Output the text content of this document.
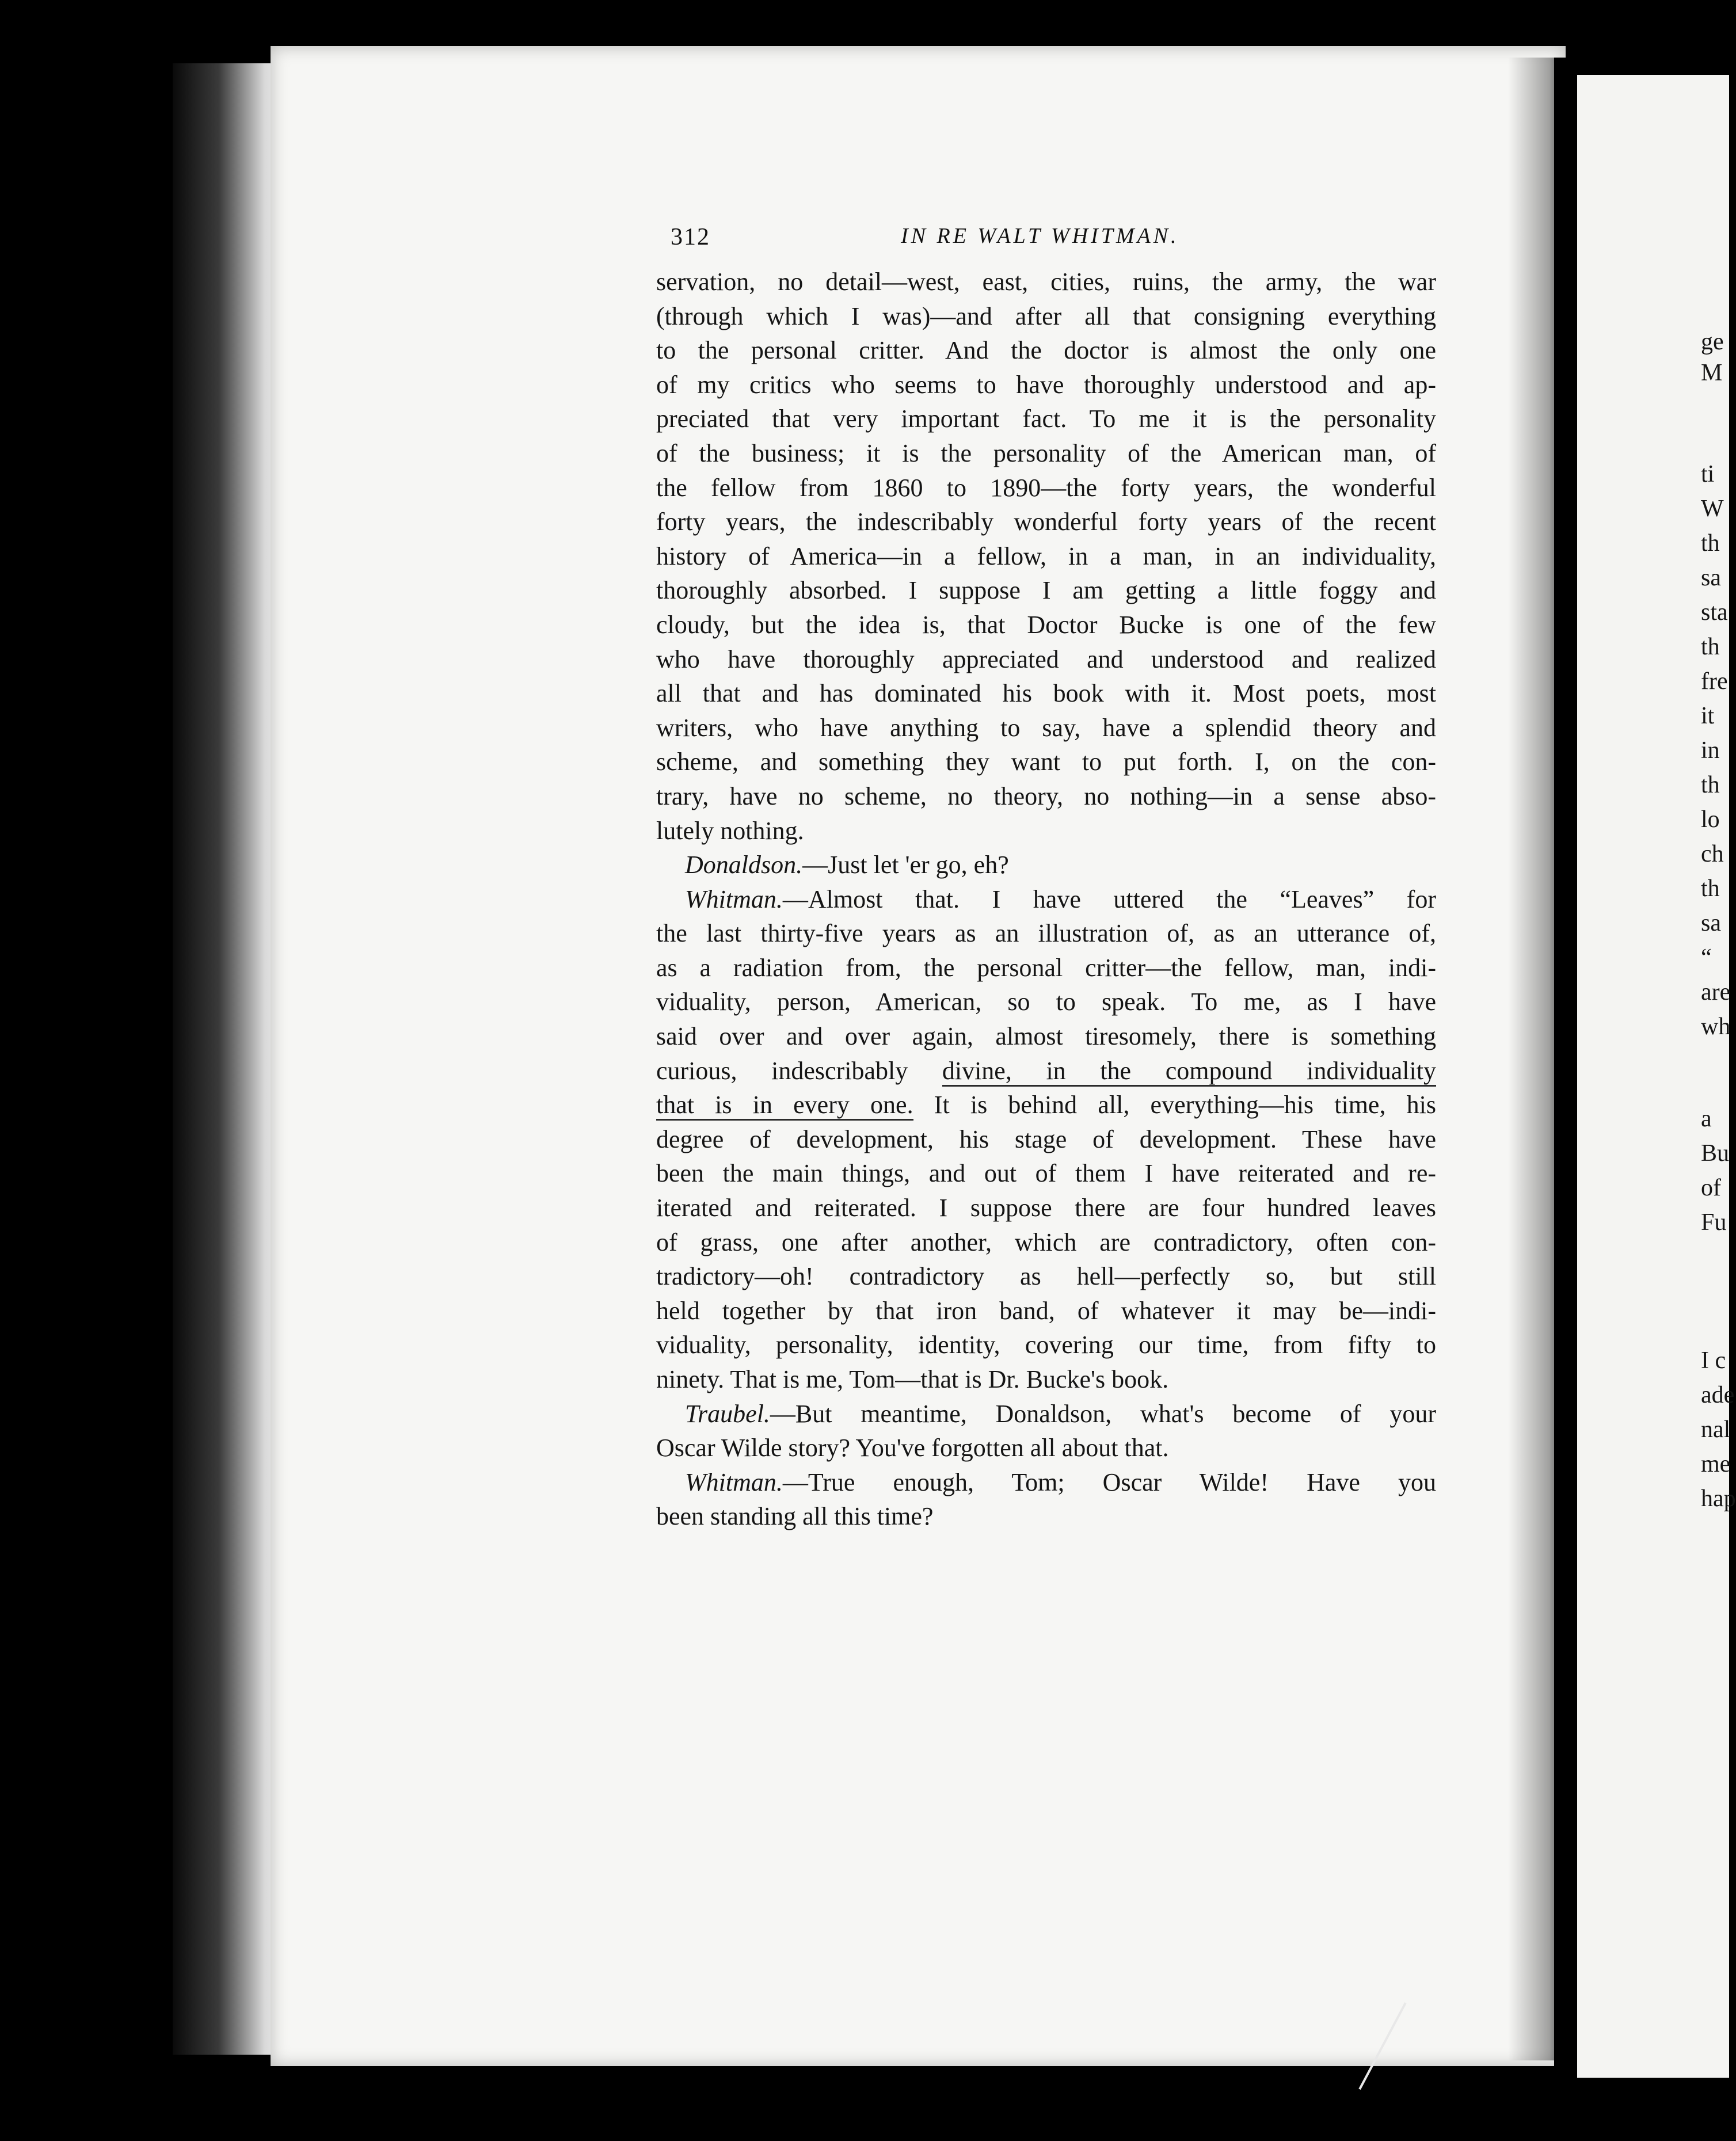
312	IN RE WALT WHITMAN.
servation, no detail—west, east, cities, ruins, the army, the war
(through which I was)—and after all that consigning everything
to the personal critter. And the doctor is almost the only one
of my critics who seems to have thoroughly understood and ap-
preciated that very important fact. To me it is the personality
of the business; it is the personality of the American man, of
the fellow from 1860 to 1890—the forty years, the wonderful
forty years, the indescribably wonderful forty years of the recent
history of America—in a fellow, in a man, in an individuality,
thoroughly absorbed. I suppose I am getting a little foggy and
cloudy, but the idea is, that Doctor Bucke is one of the few
who have thoroughly appreciated and understood and realized
all that and has dominated his book with it. Most poets, most
writers, who have anything to say, have a splendid theory and
scheme, and something they want to put forth. I, on the con-
trary, have no scheme, no theory, no nothing—in a sense abso-
lutely nothing.
Donaldson.—Just let 'er go, eh?
Whitman.—Almost that. I have uttered the “Leaves” for
the last thirty-five years as an illustration of, as an utterance of,
as a radiation from, the personal critter—the fellow, man, indi-
viduality, person, American, so to speak. To me, as I have
said over and over again, almost tiresomely, there is something
curious, indescribably divine, in the compound individuality
that is in every one. It is behind all, everything—his time, his
degree of development, his stage of development. These have
been the main things, and out of them I have reiterated and re-
iterated and reiterated. I suppose there are four hundred leaves
of grass, one after another, which are contradictory, often con-
tradictory—oh! contradictory as hell—perfectly so, but still
held together by that iron band, of whatever it may be—indi-
viduality, personality, identity, covering our time, from fifty to
ninety. That is me, Tom—that is Dr. Bucke's book.
Traubel.—But meantime, Donaldson, what's become of your
Oscar Wilde story? You've forgotten all about that.
Whitman.—True enough, Tom; Oscar Wilde! Have you
been standing all this time?
ge
M
ti
W
th
sa
sta
th
fre
it
in
th
lo
ch
th
sa
“
are
wh
a
Bu
of
Fu
I c
ade
nal
me
hap
